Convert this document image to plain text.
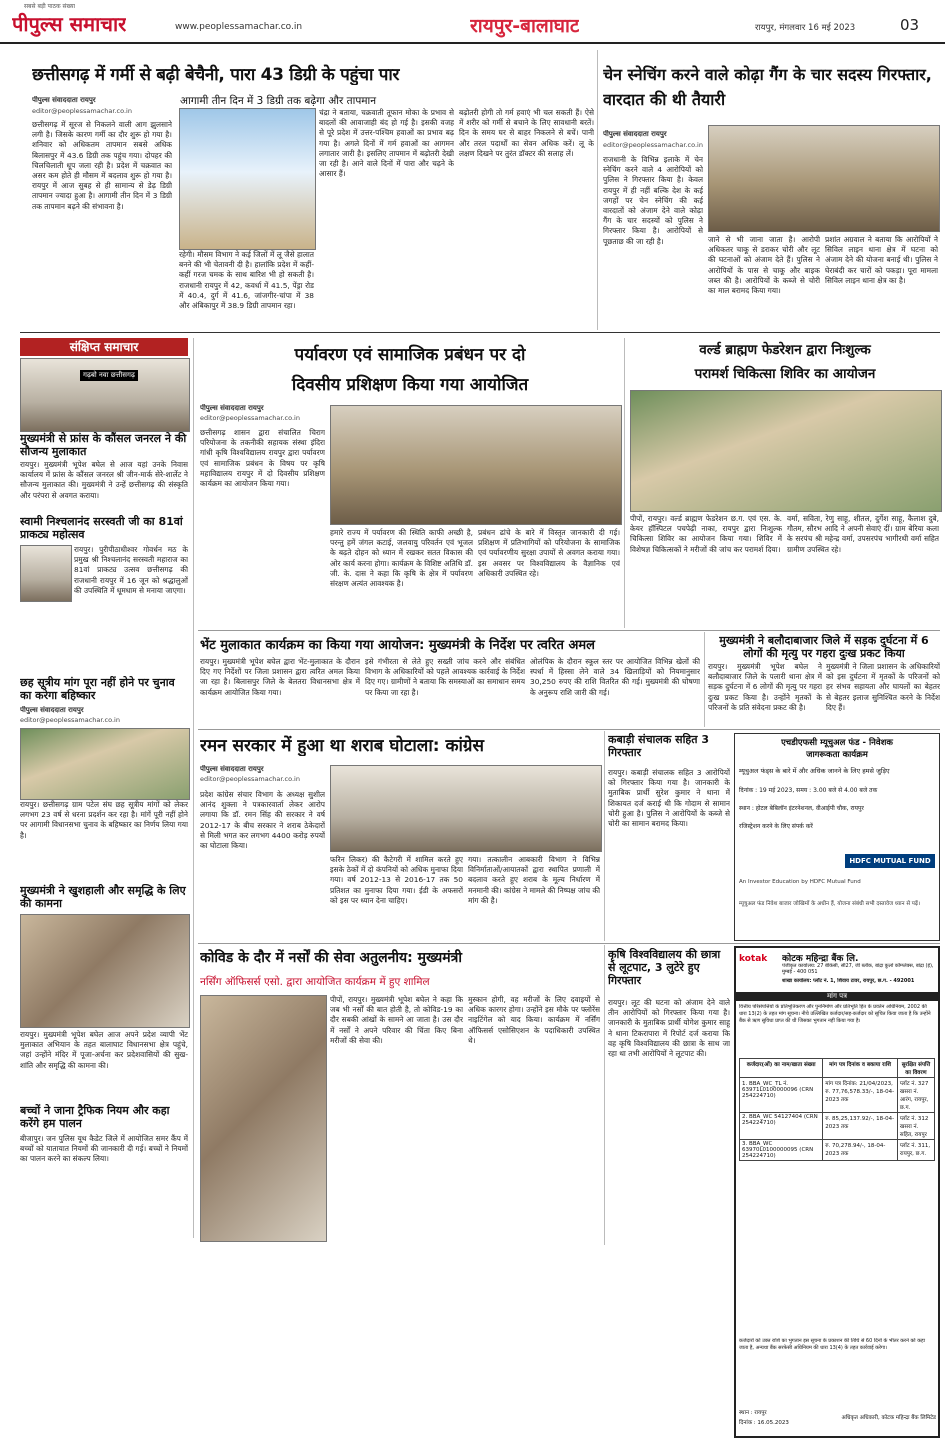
सबसे बड़ी पाठक संख्या
पीपुल्स समाचार	www.peoplessamachar.co.in	रायपुर-बालाघाट	रायपुर, मंगलवार 16 मई 2023	03
छत्तीसगढ़ में गर्मी से बढ़ी बेचैनी, पारा 43 डिग्री के पहुंचा पार
आगामी तीन दिन में 3 डिग्री तक बढ़ेगा और तापमान
पीपुल्स संवाददाता रायपुर
editor@peoplessamachar.co.in
छत्तीसगढ़ में सूरज से निकलने वाली आग झुलसाने लगी है। जिसके कारण गर्मी का दौर शुरू हो गया है। शनिवार को अधिकतम तापमान सबसे अधिक बिलासपुर में 43.6 डिग्री तक पहुंच गया। दोपहर की चिलचिलाती धूप जला रही है। प्रदेश में चक्रवात का असर कम होते ही मौसम में बदलाव शुरू हो गया है। रायपुर में आज सुबह से ही सामान्य से डेढ़ डिग्री तापमान ज्यादा हुआ है। आगामी तीन दिन में 3 डिग्री तक तापमान बढ़ने की संभावना है।
रहेगी। मौसम विभाग ने कई जिलों में लू जैसे हालात बनने की भी चेतावनी दी है। हालांकि प्रदेश में कहीं-कहीं गरज चमक के साथ बारिश भी हो सकती है। राजधानी रायपुर में 42, कवर्धा में 41.5, पेंड्रा रोड में 40.4, दुर्ग में 41.6, जांजगीर-चांपा में 38 और अंबिकापुर में 38.9 डिग्री तापमान रहा।
चंद्रा ने बताया, चक्रवाती तूफान मोका के प्रभाव से बादलों की आवाजाही बंद हो गई है। इसकी वजह से पूरे प्रदेश में उत्तर-पश्चिम हवाओं का प्रभाव बढ़ गया है। अगले दिनों में गर्म हवाओं का आगमन लगातार जारी है। इसलिए तापमान में बढ़ोतरी देखी जा रही है। आने वाले दिनों में पारा और चढ़ने के आसार हैं।
बढ़ोतरी होगी तो गर्म हवाएं भी चल सकती हैं। ऐसे में शरीर को गर्मी से बचाने के लिए सावधानी बरतें। दिन के समय घर से बाहर निकलने से बचें। पानी और तरल पदार्थों का सेवन अधिक करें। लू के लक्षण दिखने पर तुरंत डॉक्टर की सलाह लें।
चेन स्नेचिंग करने वाले कोढ़ा गैंग के चार सदस्य गिरफ्तार, वारदात की थी तैयारी
पीपुल्स संवाददाता रायपुर
editor@peoplessamachar.co.in
राजधानी के विभिन्न इलाके में चेन स्नेचिंग करने वाले 4 आरोपियों को पुलिस ने गिरफ्तार किया है। केवल रायपुर में ही नहीं बल्कि देश के कई जगहों पर चेन स्नेचिंग की कई वारदातों को अंजाम देने वाले कोढ़ा गैंग के चार सदस्यों को पुलिस ने गिरफ्तार किया है। आरोपियों से पूछताछ की जा रही है।	जाने से भी जाना जाता है। आरोपी अधिकतर चाकू से डराकर चोरी और लूट की घटनाओं को अंजाम देते हैं। पुलिस ने आरोपियों के पास से चाकू और बाइक जब्त की है। आरोपियों के कब्जे से चोरी का माल बरामद किया गया।
प्रशांत अग्रवाल ने बताया कि आरोपियों ने सिविल लाइन थाना क्षेत्र में घटना को अंजाम देने की योजना बनाई थी। पुलिस ने घेराबंदी कर चारों को पकड़ा। पूरा मामला सिविल लाइन थाना क्षेत्र का है।
संक्षिप्त समाचार
गढ़बो नवा छत्तीसगढ़
मुख्यमंत्री से फ्रांस के कौंसल जनरल ने की सौजन्य मुलाकात
रायपुर। मुख्यमंत्री भूपेश बघेल से आज यहां उनके निवास कार्यालय में फ्रांस के कौंसल जनरल श्री जीन-मार्क सेरे-शार्लेट ने सौजन्य मुलाकात की। मुख्यमंत्री ने उन्हें छत्तीसगढ़ की संस्कृति और परंपरा से अवगत कराया।
स्वामी निश्चलानंद सरस्वती जी का 81वां प्राकट्य महोत्सव
रायपुर। पुरीपीठाधीश्वर गोवर्धन मठ के प्रमुख श्री निश्चलानंद सरस्वती महाराज का 81वां प्राकट्य उत्सव छत्तीसगढ़ की राजधानी रायपुर में 16 जून को श्रद्धालुओं की उपस्थिति में धूमधाम से मनाया जाएगा।
छह सूत्रीय मांग पूरा नहीं होने पर चुनाव का करेगा बहिष्कार
पीपुल्स संवाददाता रायपुर
editor@peoplessamachar.co.in
रायपुर। छत्तीसगढ़ ग्राम पटेल संघ छह सूत्रीय मांगों को लेकर लगभग 23 वर्ष से धरना प्रदर्शन कर रहा है। मांगें पूरी नहीं होने पर आगामी विधानसभा चुनाव के बहिष्कार का निर्णय लिया गया है।
मुख्यमंत्री ने खुशहाली और समृद्धि के लिए की कामना
रायपुर। मुख्यमंत्री भूपेश बघेल आज अपने प्रदेश व्यापी भेंट मुलाकात अभियान के तहत बालाघाट विधानसभा क्षेत्र पहुंचे, जहां उन्होंने मंदिर में पूजा-अर्चना कर प्रदेशवासियों की सुख-शांति और समृद्धि की कामना की।
बच्चों ने जाना ट्रैफिक नियम और कहा करेंगे हम पालन
बीजापुर। जन पुलिस यूथ कैडेट जिले में आयोजित समर कैंप में बच्चों को यातायात नियमों की जानकारी दी गई। बच्चों ने नियमों का पालन करने का संकल्प लिया।
पर्यावरण एवं सामाजिक प्रबंधन पर दो
दिवसीय प्रशिक्षण किया गया आयोजित
पीपुल्स संवाददाता रायपुर
editor@peoplessamachar.co.in
छत्तीसगढ़ शासन द्वारा संचालित चिराग परियोजना के तकनीकी सहायक संस्था इंदिरा गांधी कृषि विश्वविद्यालय रायपुर द्वारा पर्यावरण एवं सामाजिक प्रबंधन के विषय पर कृषि महाविद्यालय रायपुर में दो दिवसीय प्रशिक्षण कार्यक्रम का आयोजन किया गया।
हमारे राज्य में पर्यावरण की स्थिति काफी अच्छी है, परन्तु हमें जंगल कटाई, जलवायु परिवर्तन एवं भूजल के बढ़ते दोहन को ध्यान में रखकर सतत विकास की ओर कार्य करना होगा। कार्यक्रम के विशिष्ट अतिथि डॉ. जी. के. दास ने कहा कि कृषि के क्षेत्र में पर्यावरण संरक्षण अत्यंत आवश्यक है।
प्रबंधन ढांचे के बारे में विस्तृत जानकारी दी गई। प्रशिक्षण में प्रतिभागियों को परियोजना के सामाजिक एवं पर्यावरणीय सुरक्षा उपायों से अवगत कराया गया। इस अवसर पर विश्वविद्यालय के वैज्ञानिक एवं अधिकारी उपस्थित रहे।
वर्ल्ड ब्राह्मण फेडरेशन द्वारा निःशुल्क
परामर्श चिकित्सा शिविर का आयोजन
पीपों, रायपुर। वर्ल्ड ब्राह्मण फेडरेशन छ.ग. एवं एस. के. केयर हॉस्पिटल पचपेढ़ी नाका, रायपुर द्वारा निःशुल्क चिकित्सा शिविर का आयोजन किया गया। शिविर में विशेषज्ञ चिकित्सकों ने मरीजों की जांच कर परामर्श दिया।
वर्मा, सविता, रेणु साहू, शीतल, दुर्गेश साहू, कैलाश दुबे, गौतम, सौरभ आदि ने अपनी सेवाएं दीं। ग्राम बेरिया कला के सरपंच श्री महेन्द्र वर्मा, उपसरपंच भागीरथी वर्मा सहित ग्रामीण उपस्थित रहे।
भेंट मुलाकात कार्यक्रम का किया गया आयोजन: मुख्यमंत्री के निर्देश पर त्वरित अमल
रायपुर। मुख्यमंत्री भूपेश बघेल द्वारा भेंट-मुलाकात के दौरान दिए गए निर्देशों पर जिला प्रशासन द्वारा त्वरित अमल किया जा रहा है। बिलासपुर जिले के बेलतरा विधानसभा क्षेत्र में कार्यक्रम आयोजित किया गया।
इसे गंभीरता से लेते हुए सख्ती जांच करने और संबंधित विभाग के अधिकारियों को पहले आवश्यक कार्रवाई के निर्देश दिए गए। ग्रामीणों ने बताया कि समस्याओं का समाधान समय पर किया जा रहा है।
ओलंपिक के दौरान स्कूल स्तर पर आयोजित विभिन्न खेलों की स्पर्धा में हिस्सा लेने वाले 34 खिलाड़ियों को नियमानुसार 30,250 रुपए की राशि वितरित की गई। मुख्यमंत्री की घोषणा के अनुरूप राशि जारी की गई।
मुख्यमंत्री ने बलौदाबाजार जिले में सड़क दुर्घटना में 6 लोगों की मृत्यु पर गहरा दुःख प्रकट किया
रायपुर। मुख्यमंत्री भूपेश बघेल ने बलौदाबाजार जिले के पलारी थाना क्षेत्र में सड़क दुर्घटना में 6 लोगों की मृत्यु पर गहरा दुःख प्रकट किया है। उन्होंने मृतकों के परिजनों के प्रति संवेदना प्रकट की है।
मुख्यमंत्री ने जिला प्रशासन के अधिकारियों को इस दुर्घटना में मृतकों के परिजनों को हर संभव सहायता और घायलों का बेहतर से बेहतर इलाज सुनिश्चित करने के निर्देश दिए हैं।
रमन सरकार में हुआ था शराब घोटाला: कांग्रेस
पीपुल्स संवाददाता रायपुर
editor@peoplessamachar.co.in
प्रदेश कांग्रेस संचार विभाग के अध्यक्ष सुशील आनंद शुक्ला ने पत्रकारवार्ता लेकर आरोप लगाया कि डॉ. रमन सिंह की सरकार ने वर्ष 2012-17 के बीच सरकार ने शराब ठेकेदारों से मिली भगत कर लगभग 4400 करोड़ रुपयों का घोटाला किया।
फरिन लिकर) की कैटेगरी में शामिल करते हुए इसके ठेकों में दो कंपनियों को अधिक मुनाफा दिया गया। वर्ष 2012-13 से 2016-17 तक 50 प्रतिशत का मुनाफा दिया गया। ईडी के अफसरों को इस पर ध्यान देना चाहिए।
गया। तत्कालीन आबकारी विभाग ने विभिन्न विनिर्माताओं/आयातकों द्वारा स्थापित प्रणाली में बदलाव करते हुए शराब के मूल्य निर्धारण में मनमानी की। कांग्रेस ने मामले की निष्पक्ष जांच की मांग की है।
कबाड़ी संचालक सहित 3 गिरफ्तार
रायपुर। कबाड़ी संचालक सहित 3 आरोपियों को गिरफ्तार किया गया है। जानकारी के मुताबिक प्रार्थी सुरेश कुमार ने थाना में शिकायत दर्ज कराई थी कि गोदाम से सामान चोरी हुआ है। पुलिस ने आरोपियों के कब्जे से चोरी का सामान बरामद किया।
एचडीएफसी म्यूचुअल फंड - निवेशक
जागरूकता कार्यक्रम
म्यूचुअल फंड्स के बारे में और अधिक जानने के लिए हमसे जुड़िए
दिनांक : 19 मई 2023, समय : 3.00 बजे से 4.00 बजे तक
स्थान : होटल बेबिलॉन इंटरनेशनल, वीआईपी चौक, रायपुर
रजिस्ट्रेशन करने के लिए संपर्क करें
HDFC MUTUAL FUND
An Investor Education by HDFC Mutual Fund
म्यूचुअल फंड निवेश बाजार जोखिमों के अधीन हैं, योजना संबंधी सभी दस्तावेज ध्यान से पढ़ें।
कोविड के दौर में नर्सों की सेवा अतुलनीय: मुख्यमंत्री
नर्सिंग ऑफिसर्स एसो. द्वारा आयोजित कार्यक्रम में हुए शामिल
पीपों, रायपुर। मुख्यमंत्री भूपेश बघेल ने कहा कि जब भी नर्सों की बात होती है, तो कोविड-19 का दौर सबकी आंखों के सामने आ जाता है। उस दौर में नर्सों ने अपने परिवार की चिंता किए बिना मरीजों की सेवा की।
मुस्कान होगी, वह मरीजों के लिए दवाइयों से अधिक कारगर होगा। उन्होंने इस मौके पर फ्लोरेंस नाइटिंगेल को याद किया। कार्यक्रम में नर्सिंग ऑफिसर्स एसोसिएशन के पदाधिकारी उपस्थित थे।
कृषि विश्वविद्यालय की छात्रा से लूटपाट, 3 लुटेरे हुए गिरफ्तार
रायपुर। लूट की घटना को अंजाम देने वाले तीन आरोपियों को गिरफ्तार किया गया है। जानकारी के मुताबिक प्रार्थी योगेश कुमार साहू ने थाना टिकरापारा में रिपोर्ट दर्ज कराया कि वह कृषि विश्वविद्यालय की छात्रा के साथ जा रहा था तभी आरोपियों ने लूटपाट की।
kotak	कोटक महिन्द्रा बैंक लि.
पंजीकृत कार्यालय: 27 बीकेसी, सी27, जी ब्लॉक, बांद्रा कुर्ला कॉम्प्लेक्स, बांद्रा (ई), मुम्बई - 400 051
शाखा कार्यालय: प्लॉट नं. 1, शिवाय टावर, रायपुर, छ.ग. - 492001
मांग पत्र
वित्तीय परिसंपत्तियों के प्रतिभूतिकरण और पुनर्निर्माण और प्रतिभूति हित के प्रवर्तन अधिनियम, 2002 की धारा 13(2) के तहत मांग सूचना। नीचे उल्लिखित कर्जदार/सह-कर्जदार को सूचित किया जाता है कि उन्होंने बैंक से ऋण सुविधा प्राप्त की थी जिसका भुगतान नहीं किया गया है।
कर्जदार(ओं) का नाम/खाता संख्या	मांग पत्र दिनांक व बकाया राशि	सुरक्षित संपत्ति का विवरण
1. BBA_WC_TL नं. 63971L0100000096 (CRN 254224710)	मांग पत्र दिनांक: 21/04/2023, रु. 77,76,578.33/-, 18-04-2023 तक	प्लॉट नं. 327 खसरा नं. आरंग, रायपुर, छ.ग.
2. BBA_WC 54127404 (CRN 254224710)	रु. 85,25,137.92/-, 18-04-2023 तक	प्लॉट नं. 312 खसरा नं. सहित, रायपुर
3. BBA_WC 63970L0100000095 (CRN 254224710)	रु. 70,278.94/-, 18-04-2023 तक	प्लॉट नं. 311, रायपुर, छ.ग.
कर्जदारों को उक्त राशि का भुगतान इस सूचना के प्रकाशन की तिथि से 60 दिनों के भीतर करने को कहा जाता है, अन्यथा बैंक सरफेसी अधिनियम की धारा 13(4) के तहत कार्रवाई करेगा।
स्थान : रायपुर
दिनांक : 16.05.2023
अधिकृत अधिकारी, कोटक महिन्द्रा बैंक लिमिटेड
